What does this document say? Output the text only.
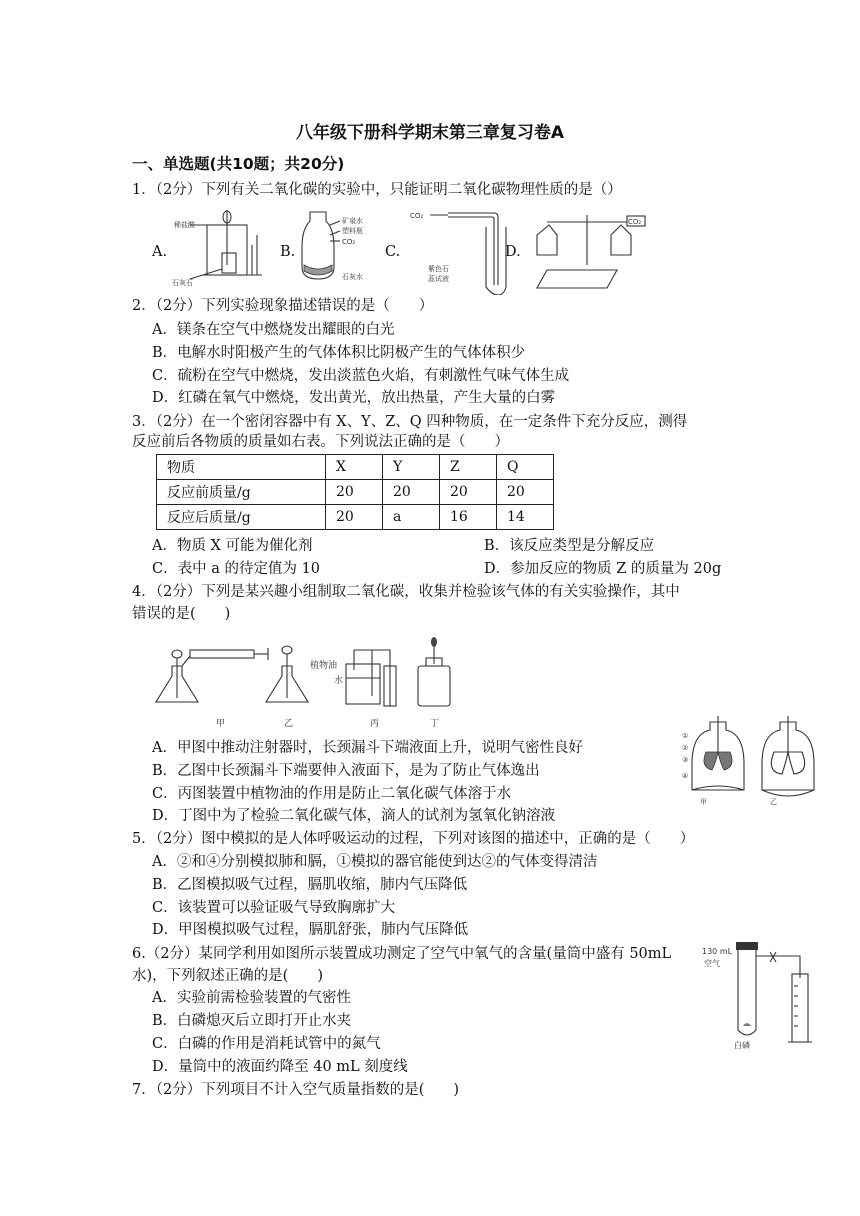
八年级下册科学期末第三章复习卷A
一、单选题(共10题；共20分)
1．（2分）下列有关二氧化碳的实验中，只能证明二氧化碳物理性质的是（）
A.	B.	C.	D.
稀盐酸
石灰石
矿泉水
塑料瓶
CO₂
石灰水
CO₂
紫色石
蕊试液
CO₂
2．（2分）下列实验现象描述错误的是（　　）
A．镁条在空气中燃烧发出耀眼的白光
B．电解水时阳极产生的气体体积比阴极产生的气体体积少
C．硫粉在空气中燃烧，发出淡蓝色火焰，有刺激性气味气体生成
D．红磷在氧气中燃烧，发出黄光，放出热量，产生大量的白雾
3．（2分）在一个密闭容器中有 X、Y、Z、Q 四种物质，在一定条件下充分反应，测得
反应前后各物质的质量如右表。下列说法正确的是（　　）
物质	X	Y	Z	Q
反应前质量/g	20	20	20	20
反应后质量/g	20	a	16	14
A．物质 X 可能为催化剂	B．该反应类型是分解反应
C．表中 a 的待定值为 10	D．参加反应的物质 Z 的质量为 20g
4．（2分）下列是某兴趣小组制取二氧化碳，收集并检验该气体的有关实验操作，其中
错误的是(　　)
植物油
水
甲	乙	丙	丁
A．甲图中推动注射器时，长颈漏斗下端液面上升，说明气密性良好
B．乙图中长颈漏斗下端要伸入液面下，是为了防止气体逸出
C．丙图装置中植物油的作用是防止二氧化碳气体溶于水
D．丁图中为了检验二氧化碳气体，滴人的试剂为氢氧化钠溶液
①
②
③
④
甲	乙
5．（2分）图中模拟的是人体呼吸运动的过程，下列对该图的描述中，正确的是（　　）
A．②和④分别模拟肺和膈，①模拟的器官能使到达②的气体变得清洁
B．乙图模拟吸气过程，膈肌收缩，肺内气压降低
C．该装置可以验证吸气导致胸廓扩大
D．甲图模拟吸气过程，膈肌舒张，肺内气压降低
130 mL
空气
白磷
6.（2分）某同学利用如图所示装置成功测定了空气中氧气的含量(量筒中盛有 50mL
水)，下列叙述正确的是(　　)
A．实验前需检验装置的气密性
B．白磷熄灭后立即打开止水夹
C．白磷的作用是消耗试管中的氮气
D．量筒中的液面约降至 40 mL 刻度线
7．（2分）下列项目不计入空气质量指数的是(　　)
